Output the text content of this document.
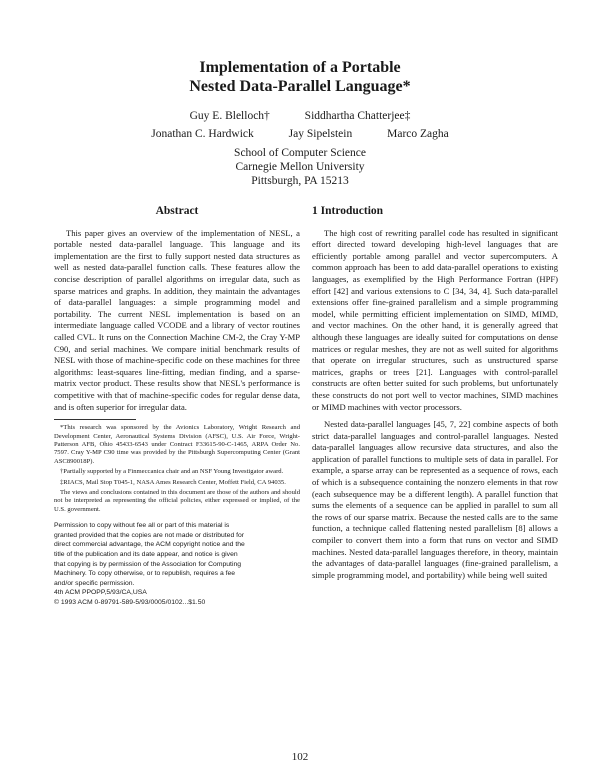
Implementation of a Portable
Nested Data-Parallel Language*
Guy E. Blelloch†	Siddhartha Chatterjee‡
Jonathan C. Hardwick	Jay Sipelstein	Marco Zagha
School of Computer Science
Carnegie Mellon University
Pittsburgh, PA 15213
Abstract

This paper gives an overview of the implementation of NESL, a portable nested data-parallel language. This language and its implementation are the first to fully support nested data structures as well as nested data-parallel function calls. These features allow the concise description of parallel algorithms on irregular data, such as sparse matrices and graphs. In addition, they maintain the advantages of data-parallel languages: a simple programming model and portability. The current NESL implementation is based on an intermediate language called VCODE and a library of vector routines called CVL. It runs on the Connection Machine CM-2, the Cray Y-MP C90, and serial machines. We compare initial benchmark results of NESL with those of machine-specific code on these machines for three algorithms: least-squares line-fitting, median finding, and a sparse-matrix vector product. These results show that NESL's performance is competitive with that of machine-specific codes for regular dense data, and is often superior for irregular data.

*This research was sponsored by the Avionics Laboratory, Wright Research and Development Center, Aeronautical Systems Division (AFSC), U.S. Air Force, Wright-Patterson AFB, Ohio 45433-6543 under Contract F33615-90-C-1465, ARPA Order No. 7597. Cray Y-MP C90 time was provided by the Pittsburgh Supercomputing Center (Grant ASC890018P).

†Partially supported by a Finmeccanica chair and an NSF Young Investigator award.

‡RIACS, Mail Stop T045-1, NASA Ames Research Center, Moffett Field, CA 94035.

The views and conclusions contained in this document are those of the authors and should not be interpreted as representing the official policies, either expressed or implied, of the U.S. government.

Permission to copy without fee all or part of this material is

granted provided that the copies are not made or distributed for

direct commercial advantage, the ACM copyright notice and the

title of the publication and its date appear, and notice is given

that copying is by permission of the Association for Computing

Machinery. To copy otherwise, or to republish, requires a fee

and/or specific permission.

4th ACM PPOPP,5/93/CA,USA

© 1993 ACM 0-89791-589-5/93/0005/0102...$1.50

1 Introduction

The high cost of rewriting parallel code has resulted in significant effort directed toward developing high-level languages that are efficiently portable among parallel and vector supercomputers. A common approach has been to add data-parallel operations to existing languages, as exemplified by the High Performance Fortran (HPF) effort [42] and various extensions to C [34, 34, 4]. Such data-parallel extensions offer fine-grained parallelism and a simple programming model, while permitting efficient implementation on SIMD, MIMD, and vector machines. On the other hand, it is generally agreed that although these languages are ideally suited for computations on dense matrices or regular meshes, they are not as well suited for algorithms that operate on irregular structures, such as unstructured sparse matrices, graphs or trees [21]. Languages with control-parallel constructs are often better suited for such problems, but unfortunately these constructs do not port well to vector machines, SIMD machines or MIMD machines with vector processors.

Nested data-parallel languages [45, 7, 22] combine aspects of both strict data-parallel languages and control-parallel languages. Nested data-parallel languages allow recursive data structures, and also the application of parallel functions to multiple sets of data in parallel. For example, a sparse array can be represented as a sequence of rows, each of which is a subsequence containing the nonzero elements in that row (each subsequence may be a different length). A parallel function that sums the elements of a sequence can be applied in parallel to sum all the rows of our sparse matrix. Because the nested calls are to the same function, a technique called flattening nested parallelism [8] allows a compiler to convert them into a form that runs on vector and SIMD machines. Nested data-parallel languages therefore, in theory, maintain the advantages of data-parallel languages (fine-grained parallelism, a simple programming model, and portability) while being well suited

102
